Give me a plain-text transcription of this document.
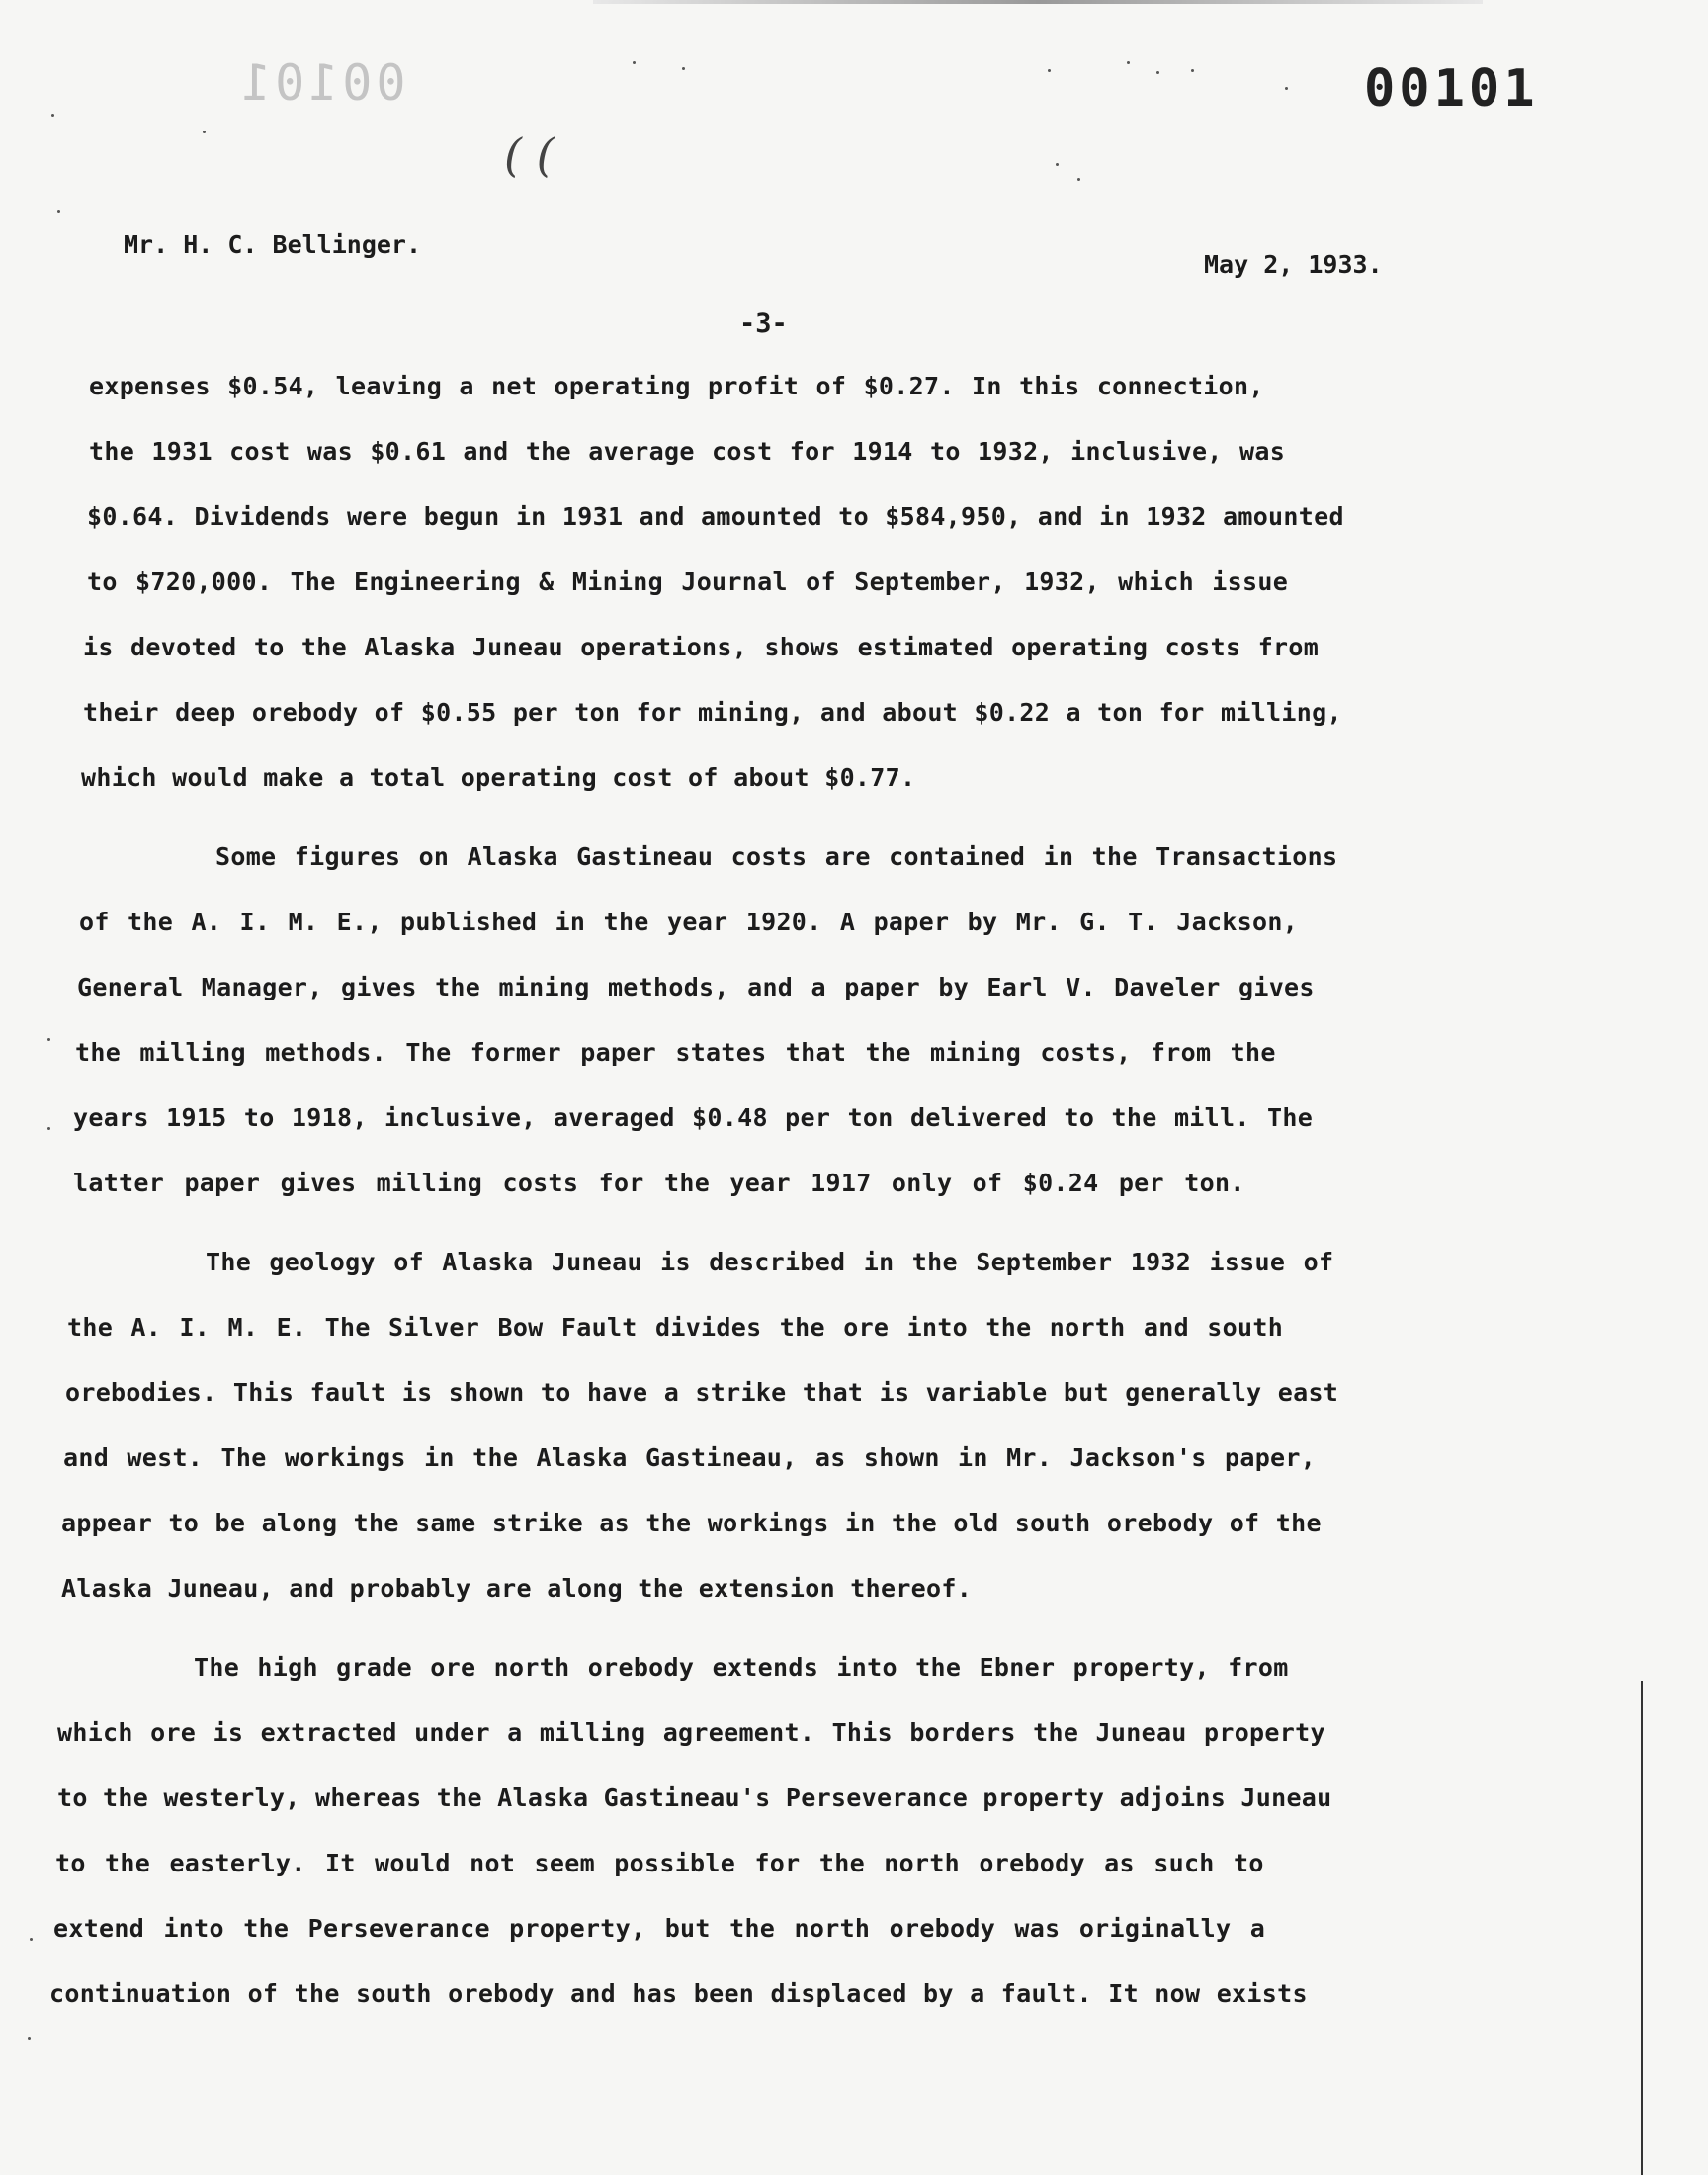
00101	00101
( (
Mr. H. C. Bellinger.
May 2, 1933.
-3-
expenses $0.54, leaving a net operating profit of $0.27. In this connection,
the 1931 cost was $0.61 and the average cost for 1914 to 1932, inclusive, was
$0.64. Dividends were begun in 1931 and amounted to $584,950, and in 1932 amounted
to $720,000. The Engineering & Mining Journal of September, 1932, which issue
is devoted to the Alaska Juneau operations, shows estimated operating costs from
their deep orebody of $0.55 per ton for mining, and about $0.22 a ton for milling,
which would make a total operating cost of about $0.77.
Some figures on Alaska Gastineau costs are contained in the Transactions
of the A. I. M. E., published in the year 1920. A paper by Mr. G. T. Jackson,
General Manager, gives the mining methods, and a paper by Earl V. Daveler gives
the milling methods. The former paper states that the mining costs, from the
years 1915 to 1918, inclusive, averaged $0.48 per ton delivered to the mill. The
latter paper gives milling costs for the year 1917 only of $0.24 per ton.
The geology of Alaska Juneau is described in the September 1932 issue of
the A. I. M. E. The Silver Bow Fault divides the ore into the north and south
orebodies. This fault is shown to have a strike that is variable but generally east
and west. The workings in the Alaska Gastineau, as shown in Mr. Jackson's paper,
appear to be along the same strike as the workings in the old south orebody of the
Alaska Juneau, and probably are along the extension thereof.
The high grade ore north orebody extends into the Ebner property, from
which ore is extracted under a milling agreement. This borders the Juneau property
to the westerly, whereas the Alaska Gastineau's Perseverance property adjoins Juneau
to the easterly. It would not seem possible for the north orebody as such to
extend into the Perseverance property, but the north orebody was originally a
continuation of the south orebody and has been displaced by a fault. It now exists
